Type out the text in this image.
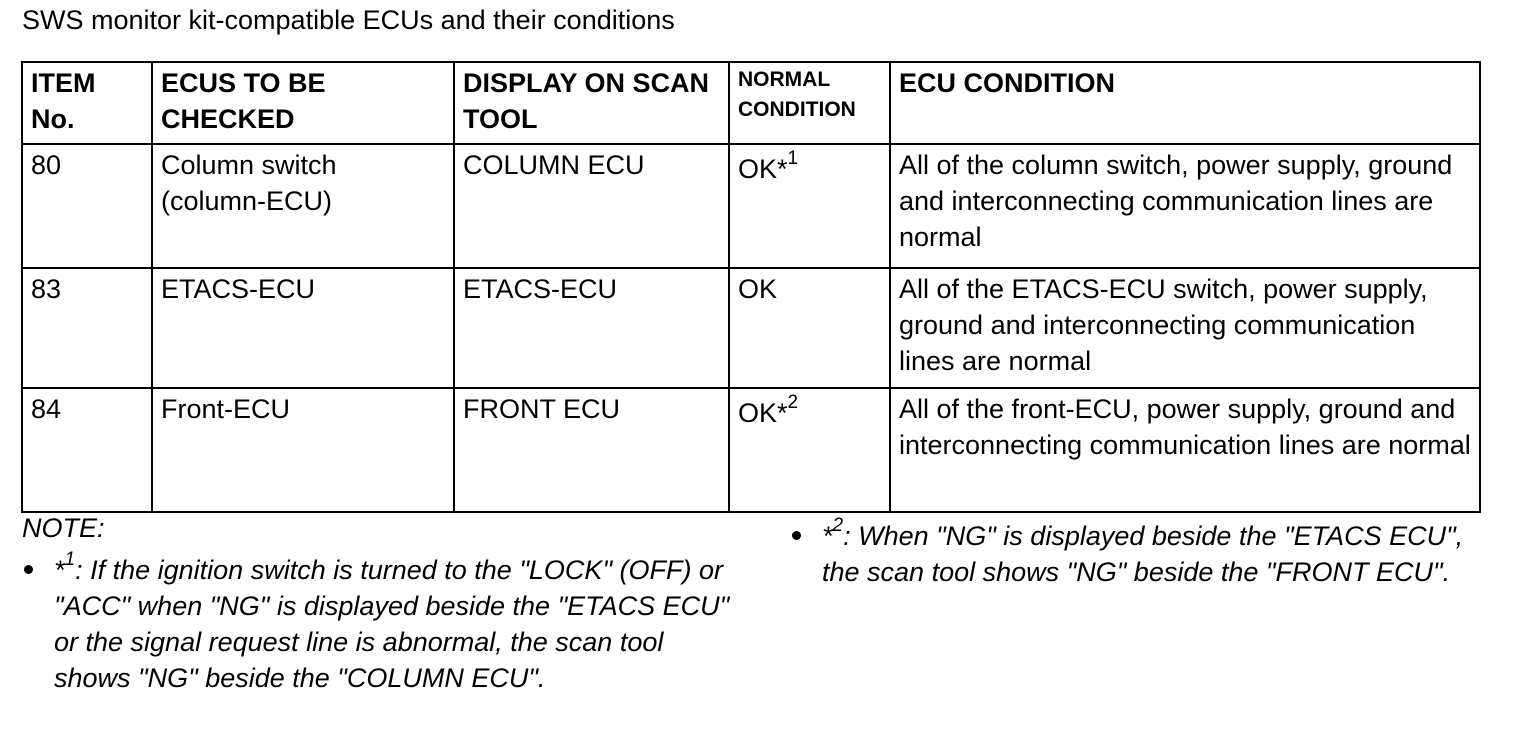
SWS monitor kit-compatible ECUs and their conditions
ITEM No.	ECUS TO BE CHECKED	DISPLAY ON SCAN TOOL	NORMAL CONDITION	ECU CONDITION
80	Column switch (column-ECU)	COLUMN ECU	OK*$^1$	All of the column switch, power supply, ground and interconnecting communication lines are normal
83	ETACS-ECU	ETACS-ECU	OK	All of the ETACS-ECU switch, power supply, ground and interconnecting communication lines are normal
84	Front-ECU	FRONT ECU	OK*$^2$	All of the front-ECU, power supply, ground and interconnecting communication lines are normal
NOTE:
*$^1$: If the ignition switch is turned to the "LOCK" (OFF) or "ACC" when "NG" is displayed beside the "ETACS ECU" or the signal request line is abnormal, the scan tool shows "NG" beside the "COLUMN ECU".
*$^2$: When "NG" is displayed beside the "ETACS ECU", the scan tool shows "NG" beside the "FRONT ECU".
